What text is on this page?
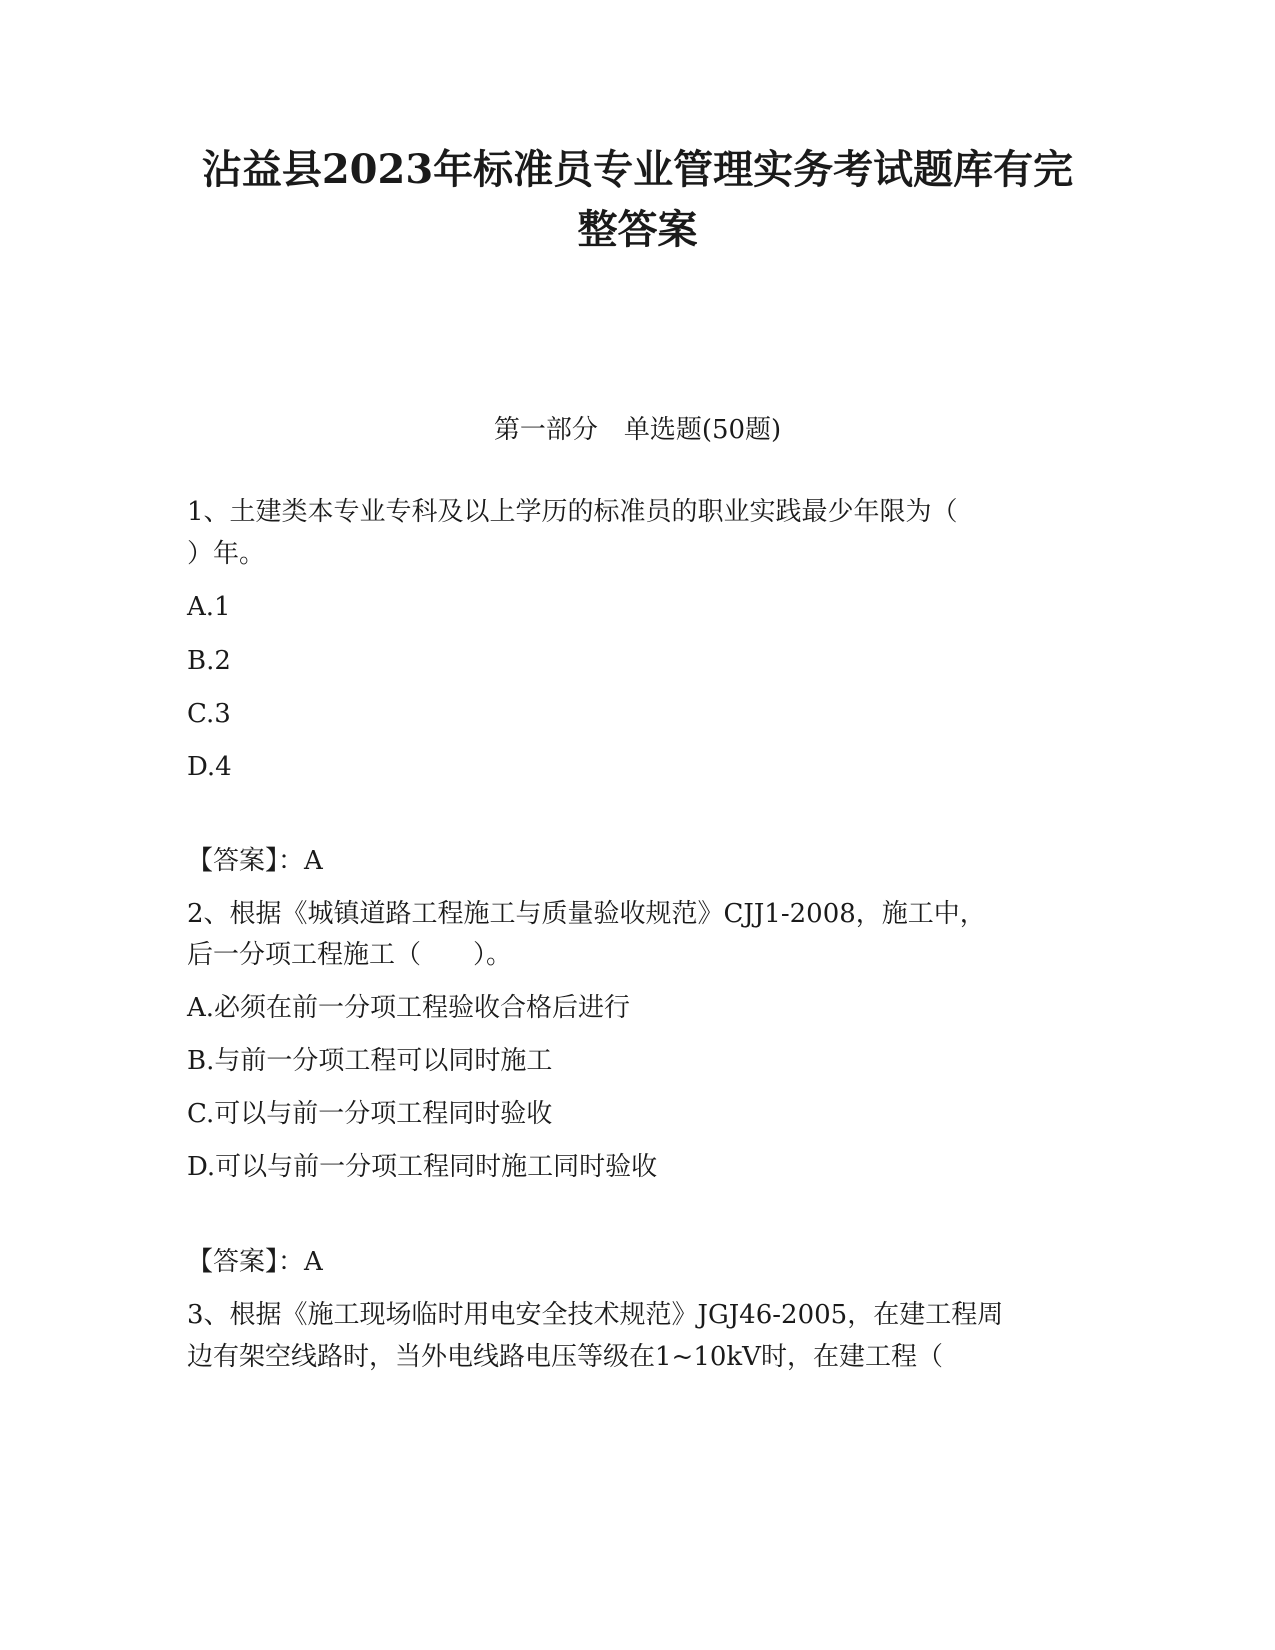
沾益县2023年标准员专业管理实务考试题库有完
整答案
第一部分　单选题(50题)
1、土建类本专业专科及以上学历的标准员的职业实践最少年限为（
）年。
A.1
B.2
C.3
D.4
【答案】：A
2、根据《城镇道路工程施工与质量验收规范》CJJ1-2008，施工中，
后一分项工程施工（　　）。
A.必须在前一分项工程验收合格后进行
B.与前一分项工程可以同时施工
C.可以与前一分项工程同时验收
D.可以与前一分项工程同时施工同时验收
【答案】：A
3、根据《施工现场临时用电安全技术规范》JGJ46-2005，在建工程周
边有架空线路时，当外电线路电压等级在1~10kV时，在建工程（
